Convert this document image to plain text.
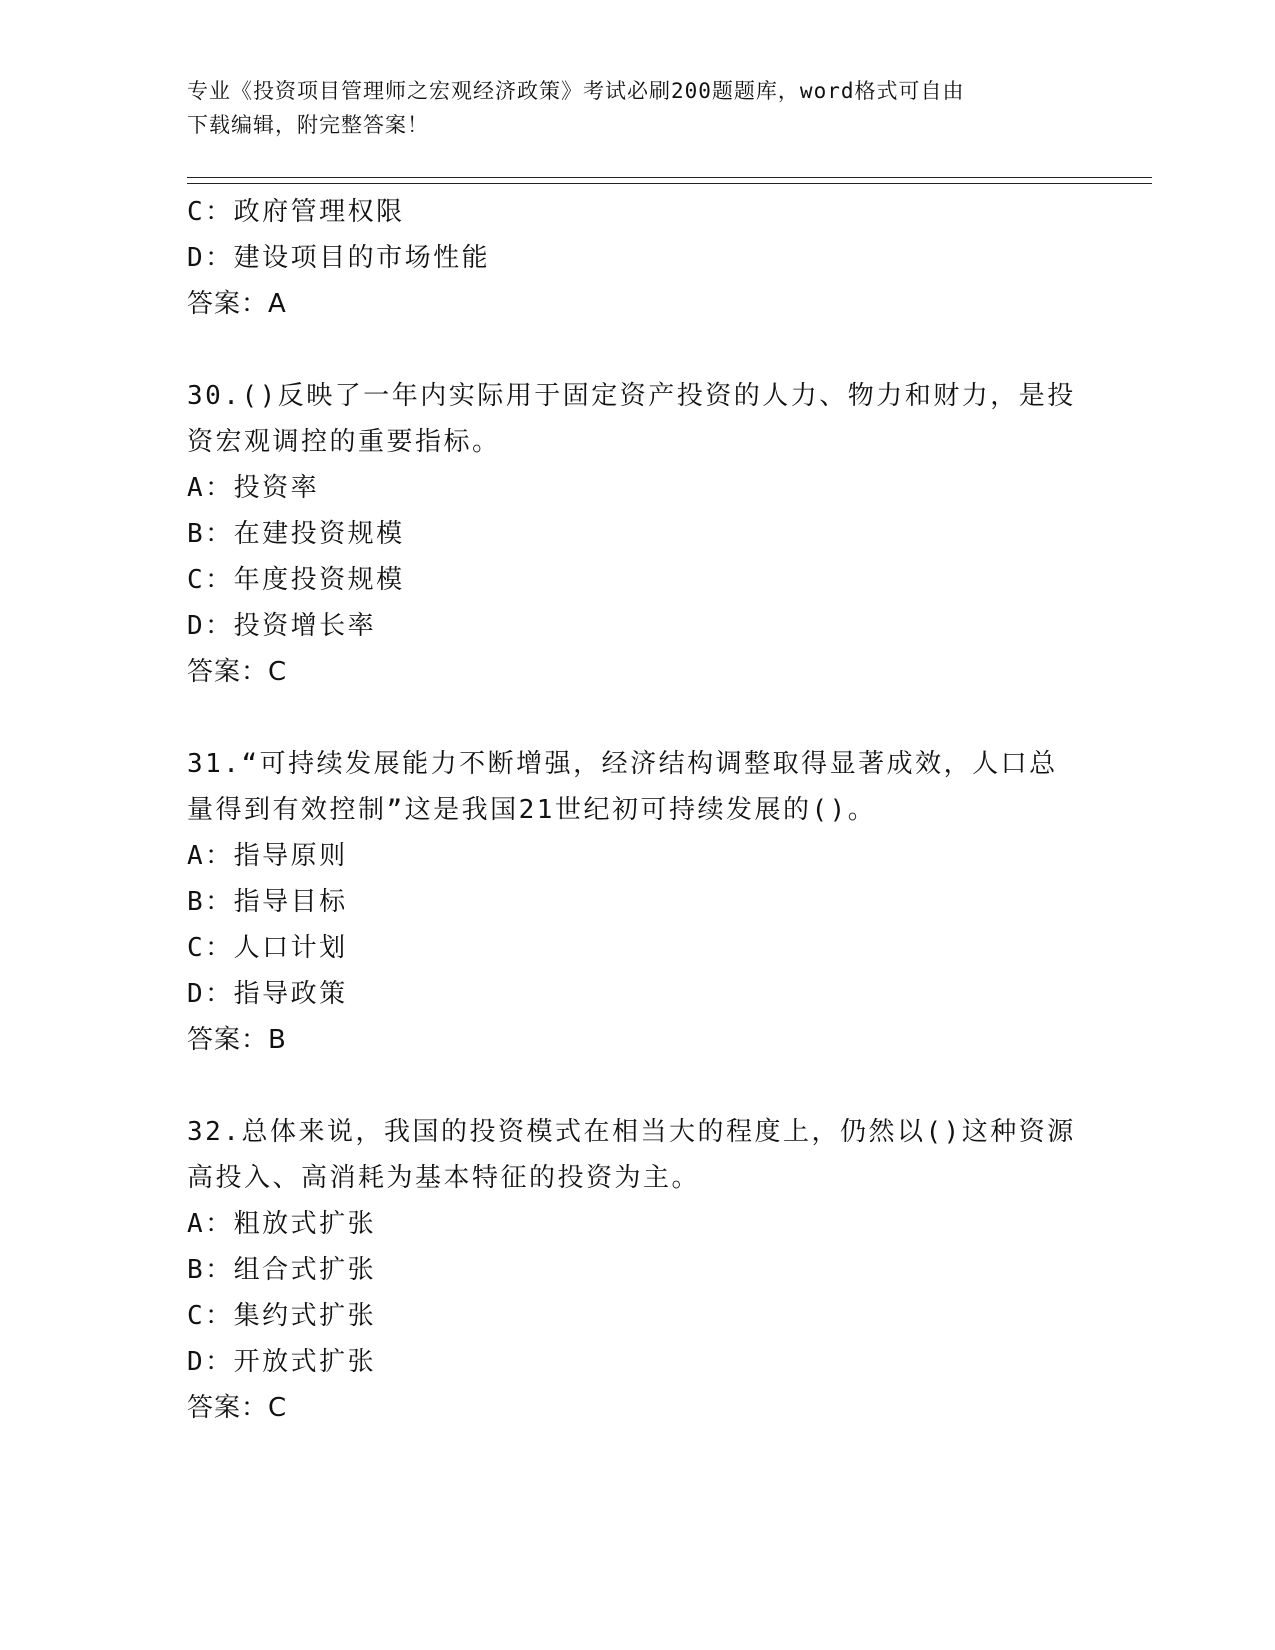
专业《投资项目管理师之宏观经济政策》考试必刷200题题库，word格式可自由
下载编辑，附完整答案！
C：政府管理权限
D：建设项目的市场性能
答案：A
30.()反映了一年内实际用于固定资产投资的人力、物力和财力，是投
资宏观调控的重要指标。
A：投资率
B：在建投资规模
C：年度投资规模
D：投资增长率
答案：C
31.“可持续发展能力不断增强，经济结构调整取得显著成效，人口总
量得到有效控制”这是我国21世纪初可持续发展的()。
A：指导原则
B：指导目标
C：人口计划
D：指导政策
答案：B
32.总体来说，我国的投资模式在相当大的程度上，仍然以()这种资源
高投入、高消耗为基本特征的投资为主。
A：粗放式扩张
B：组合式扩张
C：集约式扩张
D：开放式扩张
答案：C
